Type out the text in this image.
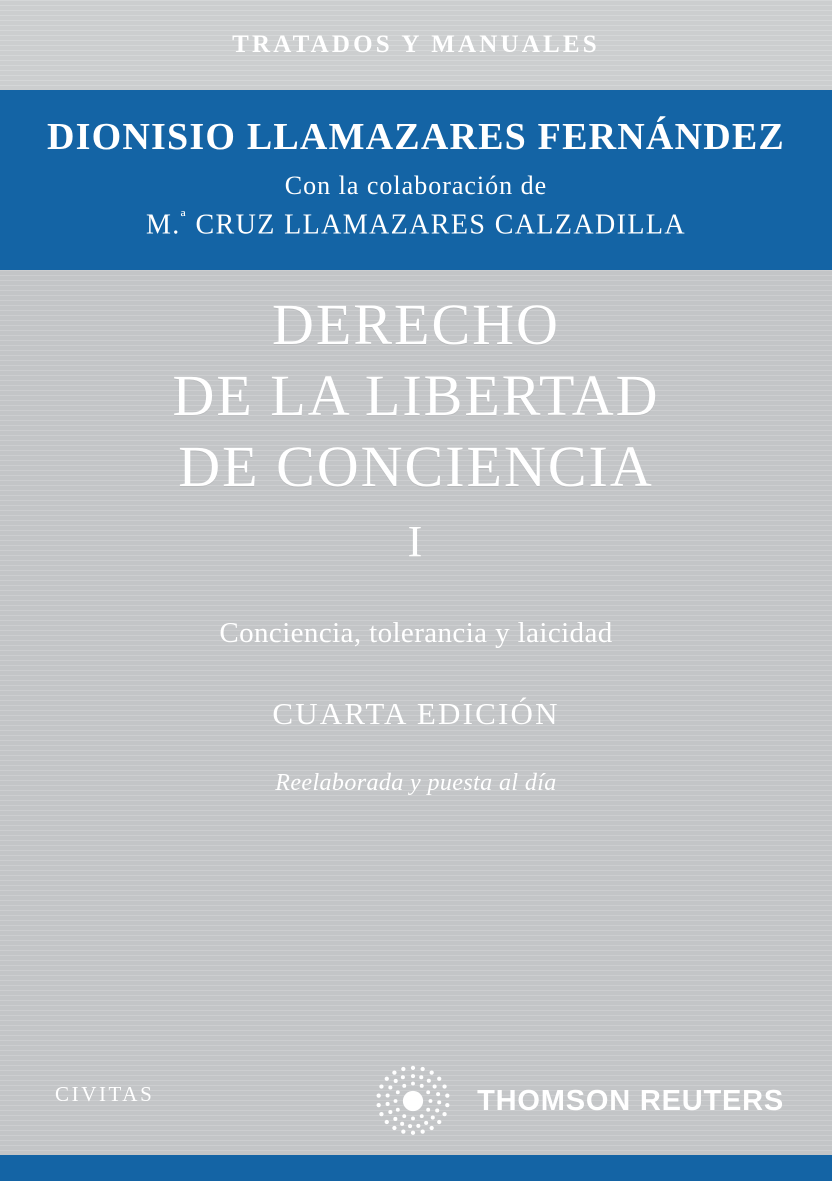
TRATADOS Y MANUALES
DIONISIO LLAMAZARES FERNÁNDEZ
Con la colaboración de
M.$^ª$ CRUZ LLAMAZARES CALZADILLA
DERECHO
DE LA LIBERTAD
DE CONCIENCIA
I
Conciencia, tolerancia y laicidad
CUARTA EDICIÓN
Reelaborada y puesta al día
CIVITAS	THOMSON REUTERS
